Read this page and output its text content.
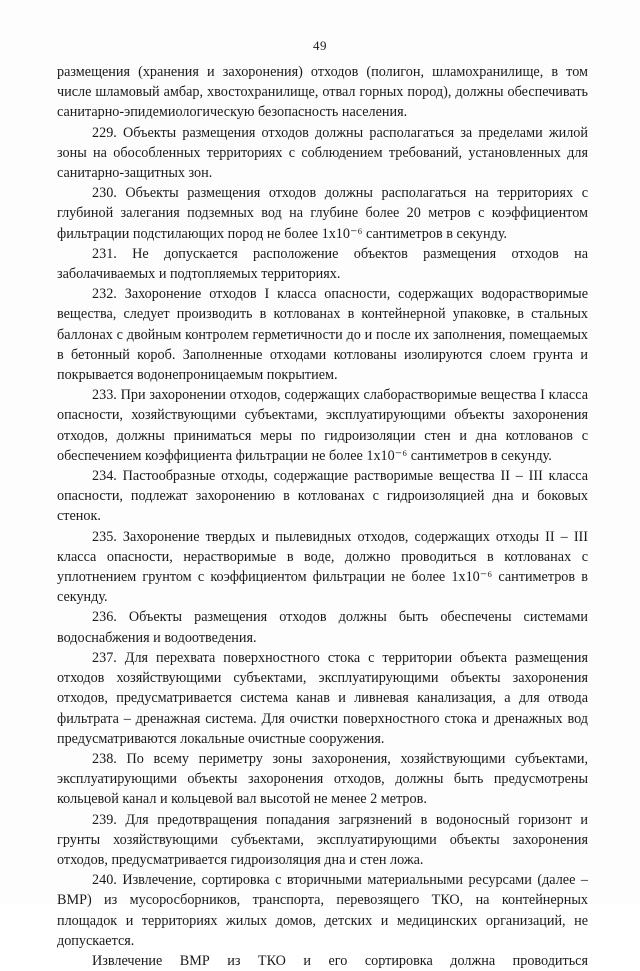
49

размещения (хранения и захоронения) отходов (полигон, шламохранилище, в том числе шламовый амбар, хвостохранилище, отвал горных пород), должны обеспечивать санитарно-эпидемиологическую безопасность населения.

229. Объекты размещения отходов должны располагаться за пределами жилой зоны на обособленных территориях с соблюдением требований, установленных для санитарно-защитных зон.

230. Объекты размещения отходов должны располагаться на территориях с глубиной залегания подземных вод на глубине более 20 метров с коэффициентом фильтрации подстилающих пород не более 1x10⁻⁶ сантиметров в секунду.

231. Не допускается расположение объектов размещения отходов на заболачиваемых и подтопляемых территориях.

232. Захоронение отходов I класса опасности, содержащих водорастворимые вещества, следует производить в котлованах в контейнерной упаковке, в стальных баллонах с двойным контролем герметичности до и после их заполнения, помещаемых в бетонный короб. Заполненные отходами котлованы изолируются слоем грунта и покрывается водонепроницаемым покрытием.

233. При захоронении отходов, содержащих слаборастворимые вещества I класса опасности, хозяйствующими субъектами, эксплуатирующими объекты захоронения отходов, должны приниматься меры по гидроизоляции стен и дна котлованов с обеспечением коэффициента фильтрации не более 1x10⁻⁶ сантиметров в секунду.

234. Пастообразные отходы, содержащие растворимые вещества II – III класса опасности, подлежат захоронению в котлованах с гидроизоляцией дна и боковых стенок.

235. Захоронение твердых и пылевидных отходов, содержащих отходы II – III класса опасности, нерастворимые в воде, должно проводиться в котлованах с уплотнением грунтом с коэффициентом фильтрации не более 1x10⁻⁶ сантиметров в секунду.

236. Объекты размещения отходов должны быть обеспечены системами водоснабжения и водоотведения.

237. Для перехвата поверхностного стока с территории объекта размещения отходов хозяйствующими субъектами, эксплуатирующими объекты захоронения отходов, предусматривается система канав и ливневая канализация, а для отвода фильтрата – дренажная система. Для очистки поверхностного стока и дренажных вод предусматриваются локальные очистные сооружения.

238. По всему периметру зоны захоронения, хозяйствующими субъектами, эксплуатирующими объекты захоронения отходов, должны быть предусмотрены кольцевой канал и кольцевой вал высотой не менее 2 метров.

239. Для предотвращения попадания загрязнений в водоносный горизонт и грунты хозяйствующими субъектами, эксплуатирующими объекты захоронения отходов, предусматривается гидроизоляция дна и стен ложа.

240. Извлечение, сортировка с вторичными материальными ресурсами (далее – ВМР) из мусоросборников, транспорта, перевозящего ТКО, на контейнерных площадок и территориях жилых домов, детских и медицинских организаций, не допускается.

Извлечение ВМР из ТКО и его сортировка должна проводиться
